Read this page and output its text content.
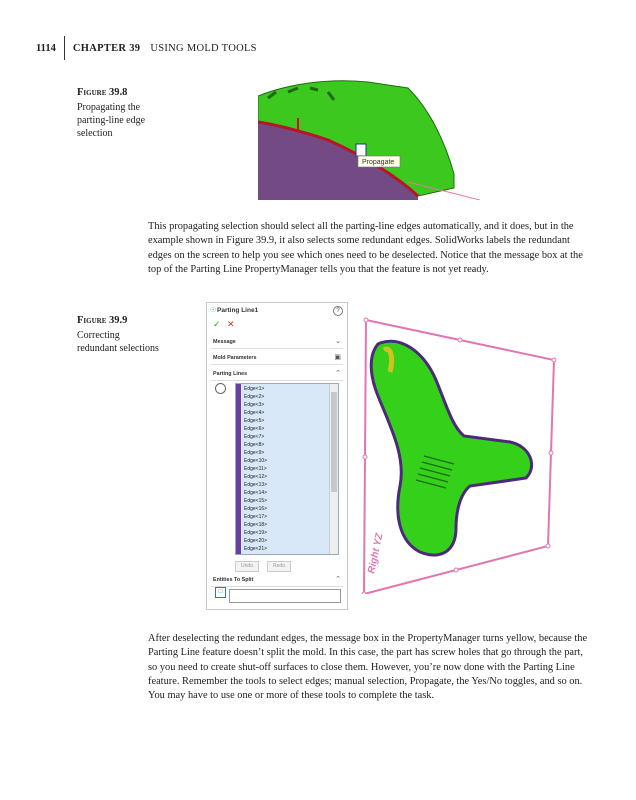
1114 CHAPTER 39 USING MOLD TOOLS
Figure 39.8
Propagating the parting-line edge selection
Propagate

This propagating selection should select all the parting-line edges automatically, and it does, but in the example shown in Figure 39.9, it also selects some redundant edges. SolidWorks labels the redundant edges on the screen to help you see which ones need to be deselected. Notice that the message box at the top of the Parting Line PropertyManager tells you that the feature is not yet ready.

Figure 39.9
Correcting redundant selections
☉ Parting Line1	?
✓ ✕
Message	⌄
Mold Parameters	▣
Parting Lines	⌃
Edge<1>
Edge<2>
Edge<3>
Edge<4>
Edge<5>
Edge<6>
Edge<7>
Edge<8>
Edge<9>
Edge<10>
Edge<11>
Edge<12>
Edge<13>
Edge<14>
Edge<15>
Edge<16>
Edge<17>
Edge<18>
Edge<19>
Edge<20>
Edge<21>
Undo	Redo
Entities To Split	⌃
□
Right YZ

After deselecting the redundant edges, the message box in the PropertyManager turns yellow, because the Parting Line feature doesn’t split the mold. In this case, the part has screw holes that go through the part, so you need to create shut-off surfaces to close them. However, you’re now done with the Parting Line feature. Remember the tools to select edges; manual selection, Propagate, the Yes/No toggles, and so on. You may have to use one or more of these tools to complete the task.
